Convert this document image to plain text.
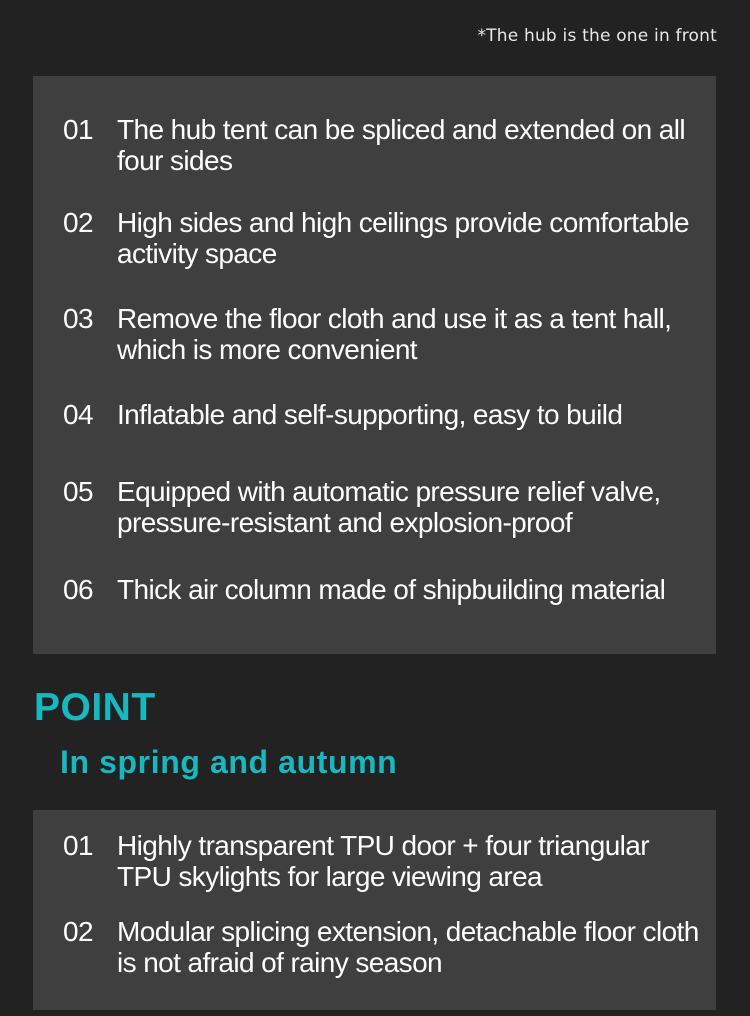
*The hub is the one in front
01 The hub tent can be spliced and extended on all four sides
02 High sides and high ceilings provide comfortable activity space
03 Remove the floor cloth and use it as a tent hall, which is more convenient
04 Inflatable and self-supporting, easy to build
05 Equipped with automatic pressure relief valve, pressure-resistant and explosion-proof
06 Thick air column made of shipbuilding material
POINT
In spring and autumn
01 Highly transparent TPU door + four triangular TPU skylights for large viewing area
02 Modular splicing extension, detachable floor cloth is not afraid of rainy season
